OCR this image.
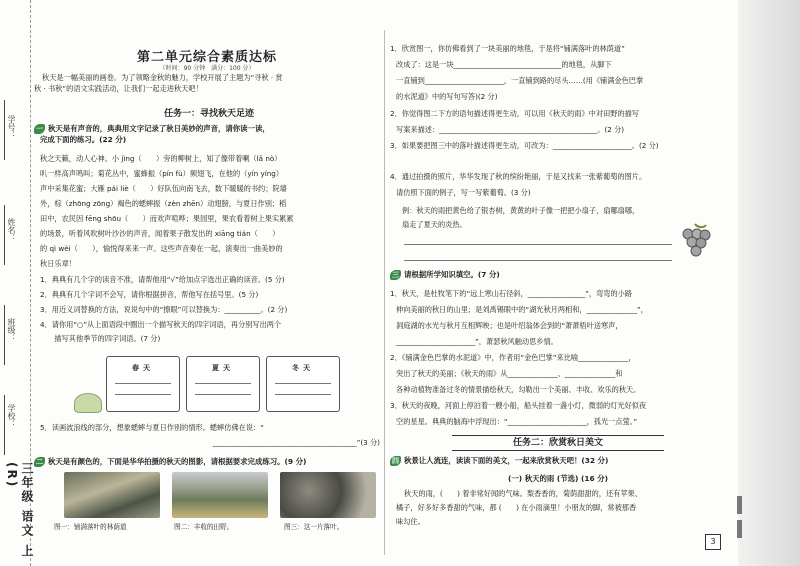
学号：
姓名：
班级：
学校：
三年级 语文 上(R)
第二单元综合素质达标
（时间：90 分钟　满分：100 分）
秋天是一幅美丽的画卷。为了领略金秋的魅力，学校开展了主题为“寻秋 · 赏
秋 · 书秋”的语文实践活动，让我们一起走进秋天吧！
任务一：寻找秋天足迹
一 秋天是有声音的，典典用文字记录了秋日美妙的声音，请你读一读，
完成下面的练习。(22 分)
秋之天籁，动人心神。小 jìng（　　）旁的柳树上，知了像带着喇（lǎ nò）
叭一样高声鸣叫；菊花丛中，蜜蜂振（pín fù）频翅飞，在他的（yín yíng）
声中采集花蜜；大雁 pái liè（　　）好队伍向南飞去，数下暖暖的书约；院墙
外，棕（zhōng zōng）褐色的蟋蟀振（zèn zhēn）动翅膀，与夏日作别；稻
田中，农民因 fēng shōu（　　）而欢声喧哗；果园里，果农看着树上果实累累
的场景，听着风吹树叶沙沙的声音，闻着果子散发出的 xiāng tián（　　）
的 qì wèi（　　），愉悦得来来一声。这些声音奏在一起，演奏出一曲美妙的
秋日乐章！
1．典典有几个字的读音不准，请帮他用“√”给加点字选出正确的读音。(5 分)
2．典典有几个字词不会写，请你根据拼音，帮他写在括号里。(5 分)
3．用近义词替换的方法，说说句中的“擦眼”可以替换为：__________。(2 分)
4．请你用“○”从上面语段中圈出一个描写秋天的四字词语，再分别写出两个
　　描写其他季节的四字词语。(7 分)
春天	夏天	冬天
5．读画波浪线的部分，想象蟋蟀与夏日作别的情形。蟋蟀仿佛在说：“
________________________________________”(3 分)
二 秋天是有颜色的，下面是华华拍摄的秋天的图影，请根据要求完成练习。(9 分)
图一：铺满落叶的林荫道	图二：丰收的田野。	图三：这一片落叶。
1．欣赏图一，你仿佛看到了一块美丽的地毯，于是将“铺满落叶的林荫道”
改成了：这是一块______________________________的地毯，从脚下
一直铺到______________________，一直铺到路的尽头……(用《铺满金色巴掌
的水泥道》中的写句写答)(2 分)
2．你觉得图二下方的语句描述得更生动，可以用《秋天的雨》中对田野的描写
写案来描述：____________________________________________。(2 分)
3．如果要把图三中的落叶描述得更生动，可改为：______________________。(2 分)
4．通过拍摄的照片，华华发现了秋的缤纷艳丽，于是又找来一张紫葡萄的图片。
请仿照下面的例子，写一写紫葡萄。(3 分)
例：秋天的雨把黄色给了银杏树，黄黄的叶子像一把把小扇子，扇哪扇哪，
扇走了夏天的炎热。
三 请根据所学知识填空。(7 分)
1．秋天，是杜牧笔下的“远上寒山石径斜，________________”，弯弯的小路
伸向美丽的秋日的山里；是刘禹锡眼中的“湖光秋月两相和，______________”，
洞庭湖的水光与秋月互相辉映；也是叶绍翁体会到的“萧萧梧叶送寒声，
______________________”，萧瑟秋风触动思乡情。
2．《铺满金色巴掌的水泥道》中，作者用“金色巴掌”来比喻______________，
突出了秋天的美丽；《秋天的雨》从______________、______________和
各种动植物准备过冬的情景描绘秋天，勾勒出一个美丽、丰收、欢乐的秋天。
3．秋天的夜晚，河面上停泊着一艘小船，船头挂着一盏小灯，微弱的灯光好似夜
空的星星。典典的脑海中浮现出：“______________________，孤光一点萤。”
四 秋景让人流连，读读下面的美文，一起来欣赏秋天吧！(32 分)
(一) 秋天的雨 (节选) (16 分)
秋天的雨，(　　) 着非常好闻的气味。梨香香的，菊荫甜甜的，还有苹果、
橘子，好多好多香甜的气味，都 (　　) 在小雨滴里！小朋友的脚，常被那香
味勾住。
任务二：欣赏秋日美文
3
